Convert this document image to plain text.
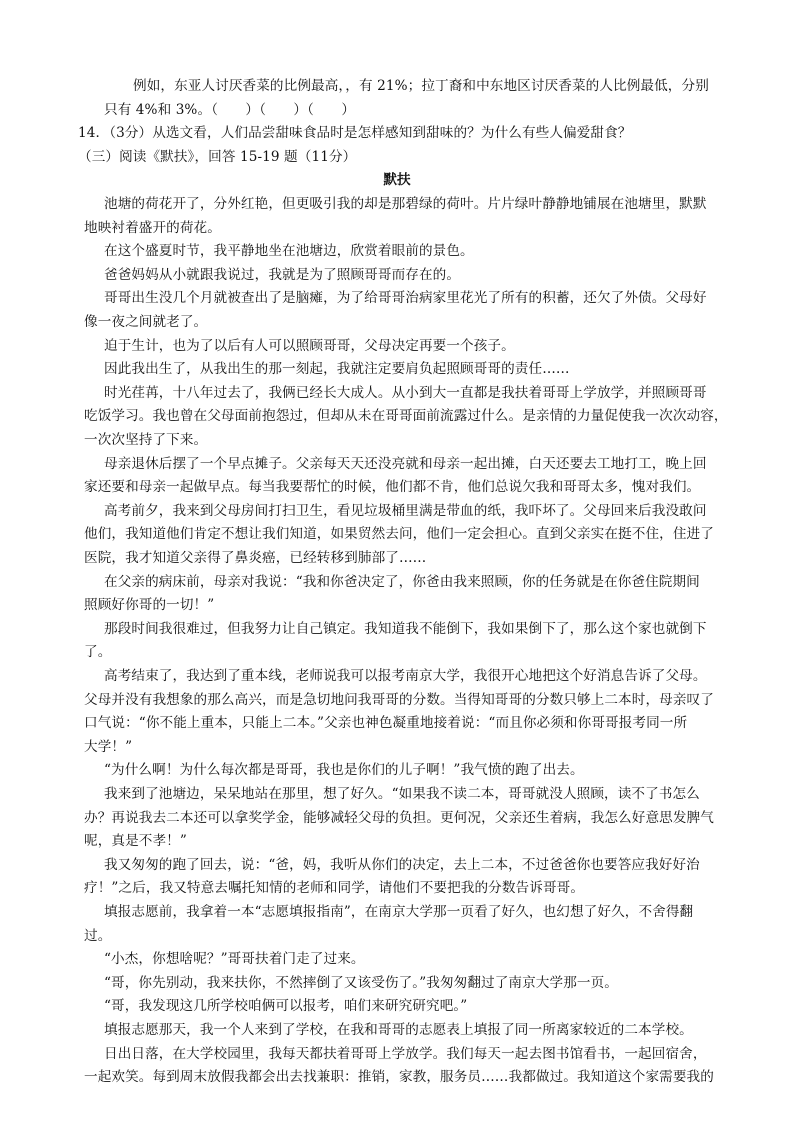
例如，东亚人讨厌香菜的比例最高，，有 21%；拉丁裔和中东地区讨厌香菜的人比例最低，分别
只有 4%和 3%。（　　）（　　）（　　）
14．（3分）从选文看，人们品尝甜味食品时是怎样感知到甜味的？为什么有些人偏爱甜食？
（三）阅读《默扶》，回答 15-19 题（11分）
默扶
池塘的荷花开了，分外红艳，但更吸引我的却是那碧绿的荷叶。片片绿叶静静地铺展在池塘里，默默
地映衬着盛开的荷花。
在这个盛夏时节，我平静地坐在池塘边，欣赏着眼前的景色。
爸爸妈妈从小就跟我说过，我就是为了照顾哥哥而存在的。
哥哥出生没几个月就被查出了是脑瘫，为了给哥哥治病家里花光了所有的积蓄，还欠了外债。父母好
像一夜之间就老了。
迫于生计，也为了以后有人可以照顾哥哥，父母决定再要一个孩子。
因此我出生了，从我出生的那一刻起，我就注定要肩负起照顾哥哥的责任……
时光荏苒，十八年过去了，我俩已经长大成人。从小到大一直都是我扶着哥哥上学放学，并照顾哥哥
吃饭学习。我也曾在父母面前抱怨过，但却从未在哥哥面前流露过什么。是亲情的力量促使我一次次动容，
一次次坚持了下来。
母亲退休后摆了一个早点摊子。父亲每天天还没亮就和母亲一起出摊，白天还要去工地打工，晚上回
家还要和母亲一起做早点。每当我要帮忙的时候，他们都不肯，他们总说欠我和哥哥太多，愧对我们。
高考前夕，我来到父母房间打扫卫生，看见垃圾桶里满是带血的纸，我吓坏了。父母回来后我没敢问
他们，我知道他们肯定不想让我们知道，如果贸然去问，他们一定会担心。直到父亲实在挺不住，住进了
医院，我才知道父亲得了鼻炎癌，已经转移到肺部了……
在父亲的病床前，母亲对我说：“我和你爸决定了，你爸由我来照顾，你的任务就是在你爸住院期间
照顾好你哥的一切！”
那段时间我很难过，但我努力让自己镇定。我知道我不能倒下，我如果倒下了，那么这个家也就倒下
了。
高考结束了，我达到了重本线，老师说我可以报考南京大学，我很开心地把这个好消息告诉了父母。
父母并没有我想象的那么高兴，而是急切地问我哥哥的分数。当得知哥哥的分数只够上二本时，母亲叹了
口气说：“你不能上重本，只能上二本。”父亲也神色凝重地接着说：“而且你必须和你哥哥报考同一所
大学！”
“为什么啊！为什么每次都是哥哥，我也是你们的儿子啊！”我气愤的跑了出去。
我来到了池塘边，呆呆地站在那里，想了好久。“如果我不读二本，哥哥就没人照顾，读不了书怎么
办？再说我去二本还可以拿奖学金，能够减轻父母的负担。更何况，父亲还生着病，我怎么好意思发脾气
呢，真是不孝！”
我又匆匆的跑了回去，说：“爸，妈，我听从你们的决定，去上二本，不过爸爸你也要答应我好好治
疗！”之后，我又特意去嘱托知情的老师和同学，请他们不要把我的分数告诉哥哥。
填报志愿前，我拿着一本“志愿填报指南”，在南京大学那一页看了好久，也幻想了好久，不舍得翻
过。
“小杰，你想啥呢？”哥哥扶着门走了过来。
“哥，你先别动，我来扶你，不然摔倒了又该受伤了。”我匆匆翻过了南京大学那一页。
“哥，我发现这几所学校咱俩可以报考，咱们来研究研究吧。”
填报志愿那天，我一个人来到了学校，在我和哥哥的志愿表上填报了同一所离家较近的二本学校。
日出日落，在大学校园里，我每天都扶着哥哥上学放学。我们每天一起去图书馆看书，一起回宿舍，
一起欢笑。每到周末放假我都会出去找兼职：推销，家教，服务员……我都做过。我知道这个家需要我的
